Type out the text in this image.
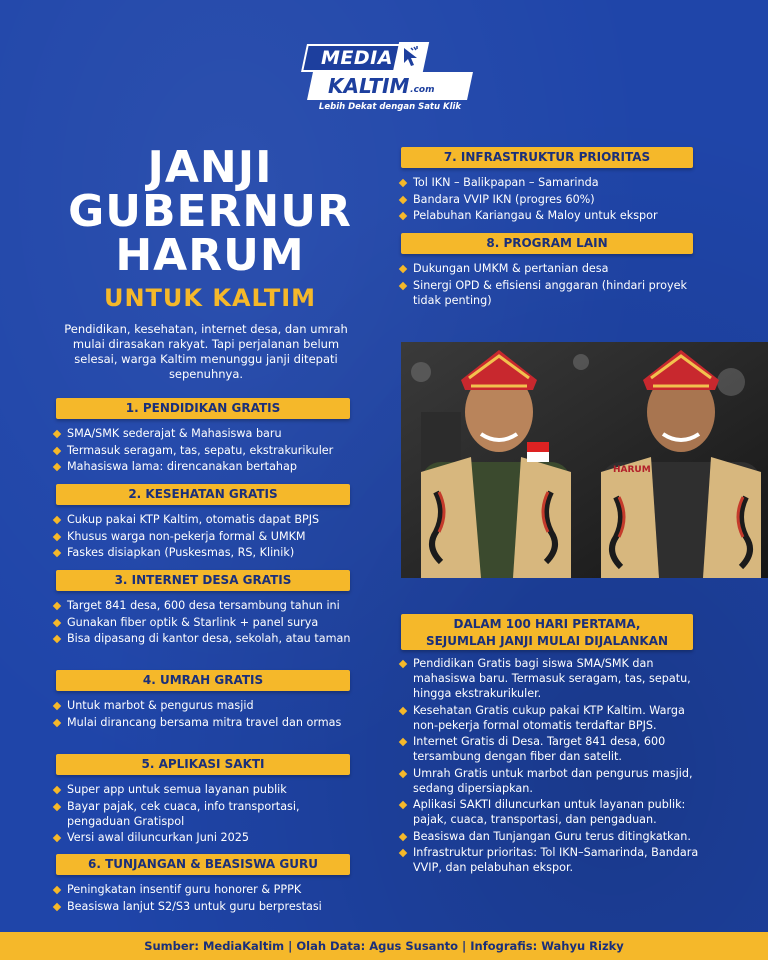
MEDIA
KALTIM .com
Lebih Dekat dengan Satu Klik
JANJI
GUBERNUR
HARUM
UNTUK KALTIM
Pendidikan, kesehatan, internet desa, dan umrah mulai dirasakan rakyat. Tapi perjalanan belum selesai, warga Kaltim menunggu janji ditepati sepenuhnya.
1. PENDIDIKAN GRATIS
SMA/SMK sederajat & Mahasiswa baru
Termasuk seragam, tas, sepatu, ekstrakurikuler
Mahasiswa lama: direncanakan bertahap
2. KESEHATAN GRATIS
Cukup pakai KTP Kaltim, otomatis dapat BPJS
Khusus warga non-pekerja formal & UMKM
Faskes disiapkan (Puskesmas, RS, Klinik)
3. INTERNET DESA GRATIS
Target 841 desa, 600 desa tersambung tahun ini
Gunakan fiber optik & Starlink + panel surya
Bisa dipasang di kantor desa, sekolah, atau taman
4. UMRAH GRATIS
Untuk marbot & pengurus masjid
Mulai dirancang bersama mitra travel dan ormas
5. APLIKASI SAKTI
Super app untuk semua layanan publik
Bayar pajak, cek cuaca, info transportasi, pengaduan Gratispol
Versi awal diluncurkan Juni 2025
6. TUNJANGAN & BEASISWA GURU
Peningkatan insentif guru honorer & PPPK
Beasiswa lanjut S2/S3 untuk guru berprestasi
7. INFRASTRUKTUR PRIORITAS
Tol IKN – Balikpapan – Samarinda
Bandara VVIP IKN (progres 60%)
Pelabuhan Kariangau & Maloy untuk ekspor
8. PROGRAM LAIN
Dukungan UMKM & pertanian desa
Sinergi OPD & efisiensi anggaran (hindari proyek tidak penting)
HARUM
DALAM 100 HARI PERTAMA,
SEJUMLAH JANJI MULAI DIJALANKAN
Pendidikan Gratis bagi siswa SMA/SMK dan mahasiswa baru. Termasuk seragam, tas, sepatu, hingga ekstrakurikuler.
Kesehatan Gratis cukup pakai KTP Kaltim. Warga non-pekerja formal otomatis terdaftar BPJS.
Internet Gratis di Desa. Target 841 desa, 600 tersambung dengan fiber dan satelit.
Umrah Gratis untuk marbot dan pengurus masjid, sedang dipersiapkan.
Aplikasi SAKTI diluncurkan untuk layanan publik: pajak, cuaca, transportasi, dan pengaduan.
Beasiswa dan Tunjangan Guru terus ditingkatkan.
Infrastruktur prioritas: Tol IKN–Samarinda, Bandara VVIP, dan pelabuhan ekspor.
Sumber: MediaKaltim | Olah Data: Agus Susanto | Infografis: Wahyu Rizky
